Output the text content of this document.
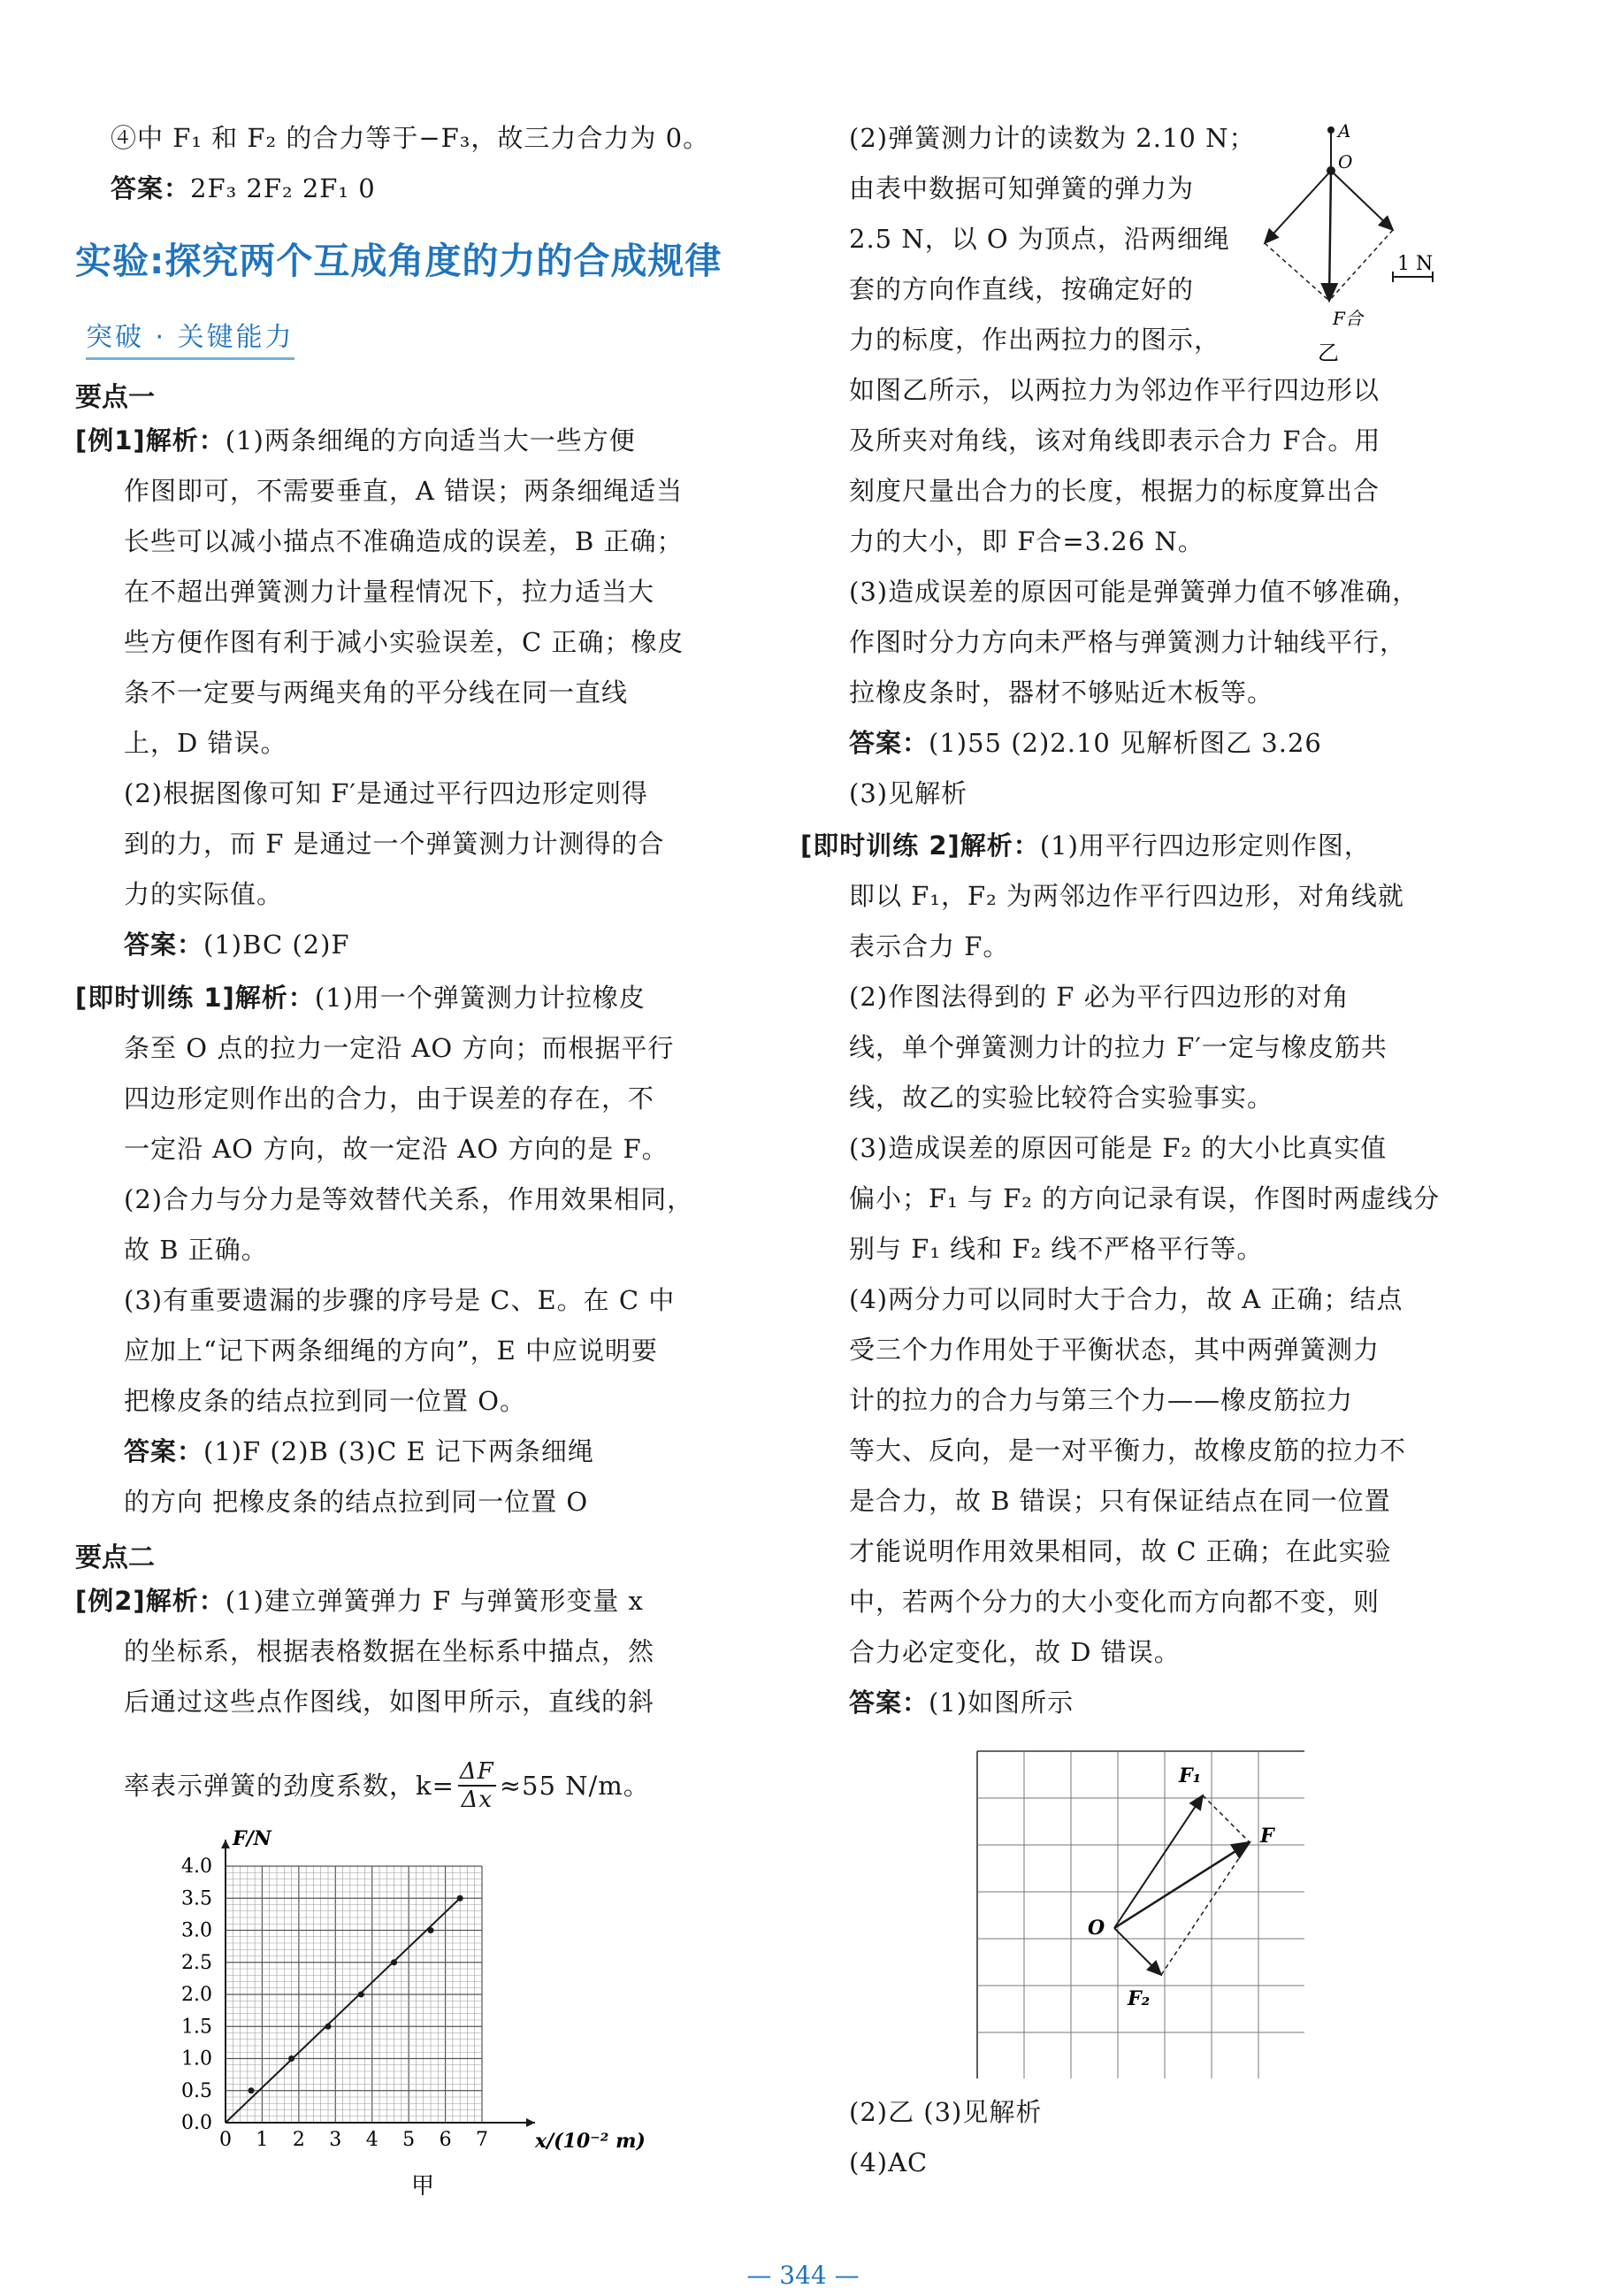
④中 F₁ 和 F₂ 的合力等于−F₃，故三力合力为 0。
答案：2F₃ 2F₂ 2F₁ 0
实验:探究两个互成角度的力的合成规律
突破 · 关键能力
要点一
[例1]解析：(1)两条细绳的方向适当大一些方便
作图即可，不需要垂直，A 错误；两条细绳适当
长些可以减小描点不准确造成的误差，B 正确；
在不超出弹簧测力计量程情况下，拉力适当大
些方便作图有利于减小实验误差，C 正确；橡皮
条不一定要与两绳夹角的平分线在同一直线
上，D 错误。
(2)根据图像可知 F′是通过平行四边形定则得
到的力，而 F 是通过一个弹簧测力计测得的合
力的实际值。
答案：(1)BC (2)F
[即时训练 1]解析：(1)用一个弹簧测力计拉橡皮
条至 O 点的拉力一定沿 AO 方向；而根据平行
四边形定则作出的合力，由于误差的存在，不
一定沿 AO 方向，故一定沿 AO 方向的是 F。
(2)合力与分力是等效替代关系，作用效果相同，
故 B 正确。
(3)有重要遗漏的步骤的序号是 C、E。在 C 中
应加上“记下两条细绳的方向”，E 中应说明要
把橡皮条的结点拉到同一位置 O。
答案：(1)F (2)B (3)C E 记下两条细绳
的方向 把橡皮条的结点拉到同一位置 O
要点二
[例2]解析：(1)建立弹簧弹力 F 与弹簧形变量 x
的坐标系，根据表格数据在坐标系中描点，然
后通过这些点作图线，如图甲所示，直线的斜
率表示弹簧的劲度系数，$k= \frac{\Delta F}{\Delta x} \approx 55$ N/m。
0 1 2 3 4 5 6 7
0.0
0.5
1.0
1.5
2.0
2.5
3.0
3.5
4.0
F/N
x/(10⁻² m)
甲
(2)弹簧测力计的读数为 2.10 N；
由表中数据可知弹簧的弹力为
2.5 N，以 O 为顶点，沿两细绳
套的方向作直线，按确定好的
力的标度，作出两拉力的图示，
A
O
F合
1 N
乙
如图乙所示，以两拉力为邻边作平行四边形以
及所夹对角线，该对角线即表示合力 F合。用
刻度尺量出合力的长度，根据力的标度算出合
力的大小，即 F合=3.26 N。
(3)造成误差的原因可能是弹簧弹力值不够准确，
作图时分力方向未严格与弹簧测力计轴线平行，
拉橡皮条时，器材不够贴近木板等。
答案：(1)55 (2)2.10 见解析图乙 3.26
(3)见解析
[即时训练 2]解析：(1)用平行四边形定则作图，
即以 F₁，F₂ 为两邻边作平行四边形，对角线就
表示合力 F。
(2)作图法得到的 F 必为平行四边形的对角
线，单个弹簧测力计的拉力 F′一定与橡皮筋共
线，故乙的实验比较符合实验事实。
(3)造成误差的原因可能是 F₂ 的大小比真实值
偏小；F₁ 与 F₂ 的方向记录有误，作图时两虚线分
别与 F₁ 线和 F₂ 线不严格平行等。
(4)两分力可以同时大于合力，故 A 正确；结点
受三个力作用处于平衡状态，其中两弹簧测力
计的拉力的合力与第三个力——橡皮筋拉力
等大、反向，是一对平衡力，故橡皮筋的拉力不
是合力，故 B 错误；只有保证结点在同一位置
才能说明作用效果相同，故 C 正确；在此实验
中，若两个分力的大小变化而方向都不变，则
合力必定变化，故 D 错误。
答案：(1)如图所示
F₁
F
O
F₂
(2)乙 (3)见解析
(4)AC
— 344 —
